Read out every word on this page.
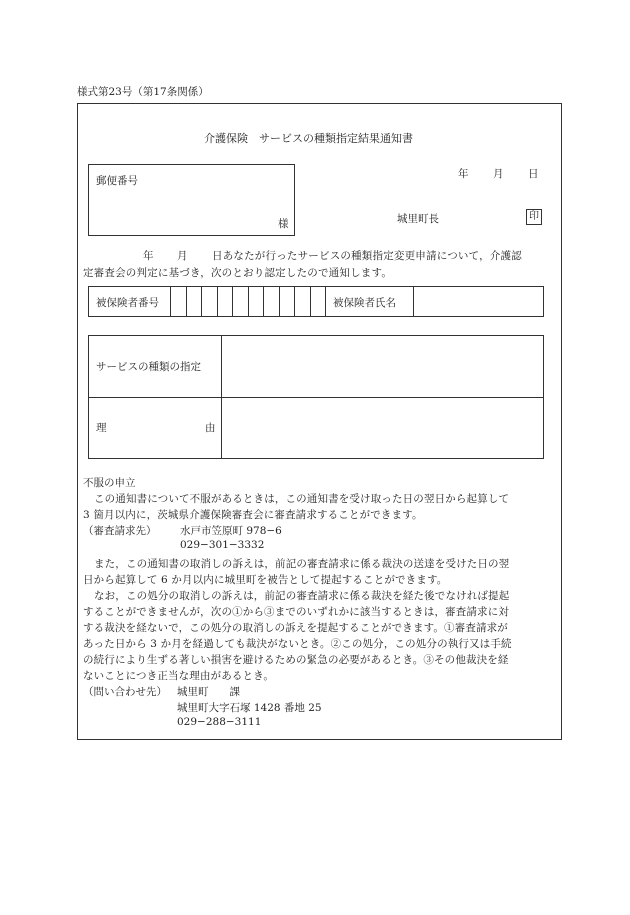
様式第23号（第17条関係）
介護保険　サービスの種類指定結果通知書
年 月 日
郵便番号
様	城里町長	印
年 月 日あなたが行ったサービスの種類指定変更申請について，介護認
定審査会の判定に基づき，次のとおり認定したので通知します。
被保険者番号	被保険者氏名
サービスの種類の指定
理	由
不服の申立
この通知書について不服があるときは，この通知書を受け取った日の翌日から起算して
3 箇月以内に，茨城県介護保険審査会に審査請求することができます。
（審査請求先） 水戸市笠原町 978−6
029−301−3332
また，この通知書の取消しの訴えは，前記の審査請求に係る裁決の送達を受けた日の翌
日から起算して 6 か月以内に城里町を被告として提起することができます。
なお，この処分の取消しの訴えは，前記の審査請求に係る裁決を経た後でなければ提起
することができませんが，次の①から③までのいずれかに該当するときは，審査請求に対
する裁決を経ないで，この処分の取消しの訴えを提起することができます。①審査請求が
あった日から 3 か月を経過しても裁決がないとき。②この処分，この処分の執行又は手続
の続行により生ずる著しい損害を避けるための緊急の必要があるとき。③その他裁決を経
ないことにつき正当な理由があるとき。
（問い合わせ先） 城里町　　課
城里町大字石塚 1428 番地 25
029−288−3111
